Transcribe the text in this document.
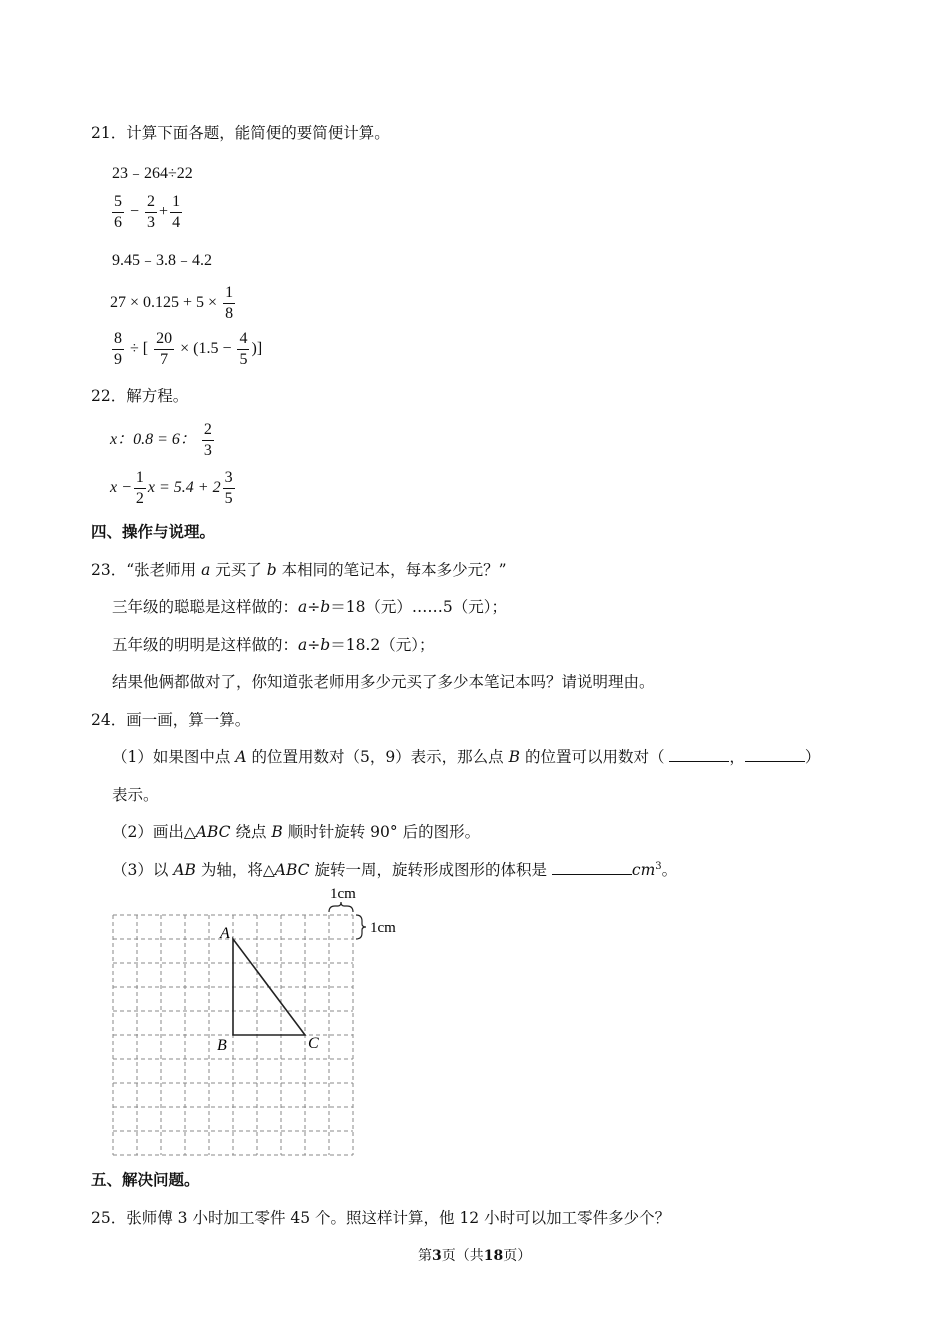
21．计算下面各题，能简便的要简便计算。
23﹣264÷22
$\frac{5}{6} - \frac{2}{3} + \frac{1}{4}$
9.45﹣3.8﹣4.2
$27 \times 0.125 + 5 \times \frac{1}{8}$
$\frac{8}{9}$ ÷ [ $\frac{20}{7} \times (1.5 - \frac{4}{5}$ )]
22．解方程。
x：0.8 = 6： $\frac{2}{3}$
$x - \frac{1}{2}$ $x = 5.4 + 2 \frac{3}{5}$
四、操作与说理。
23．“张老师用 a 元买了 b 本相同的笔记本，每本多少元？”
三年级的聪聪是这样做的：a÷b＝18（元）……5（元）；
五年级的明明是这样做的：a÷b＝18.2（元）；
结果他俩都做对了，你知道张老师用多少元买了多少本笔记本吗？请说明理由。
24．画一画，算一算。
（1）如果图中点 A 的位置用数对（5，9）表示，那么点 B 的位置可以用数对（	，	）
表示。
（2）画出△ABC 绕点 B 顺时针旋转 90° 后的图形。
（3）以 AB 为轴，将△ABC 旋转一周，旋转形成图形的体积是	$cm^3$。
A
B	C
1cm
1cm
五、解决问题。
25．张师傅 3 小时加工零件 45 个。照这样计算，他 12 小时可以加工零件多少个？
第3页（共18页）
